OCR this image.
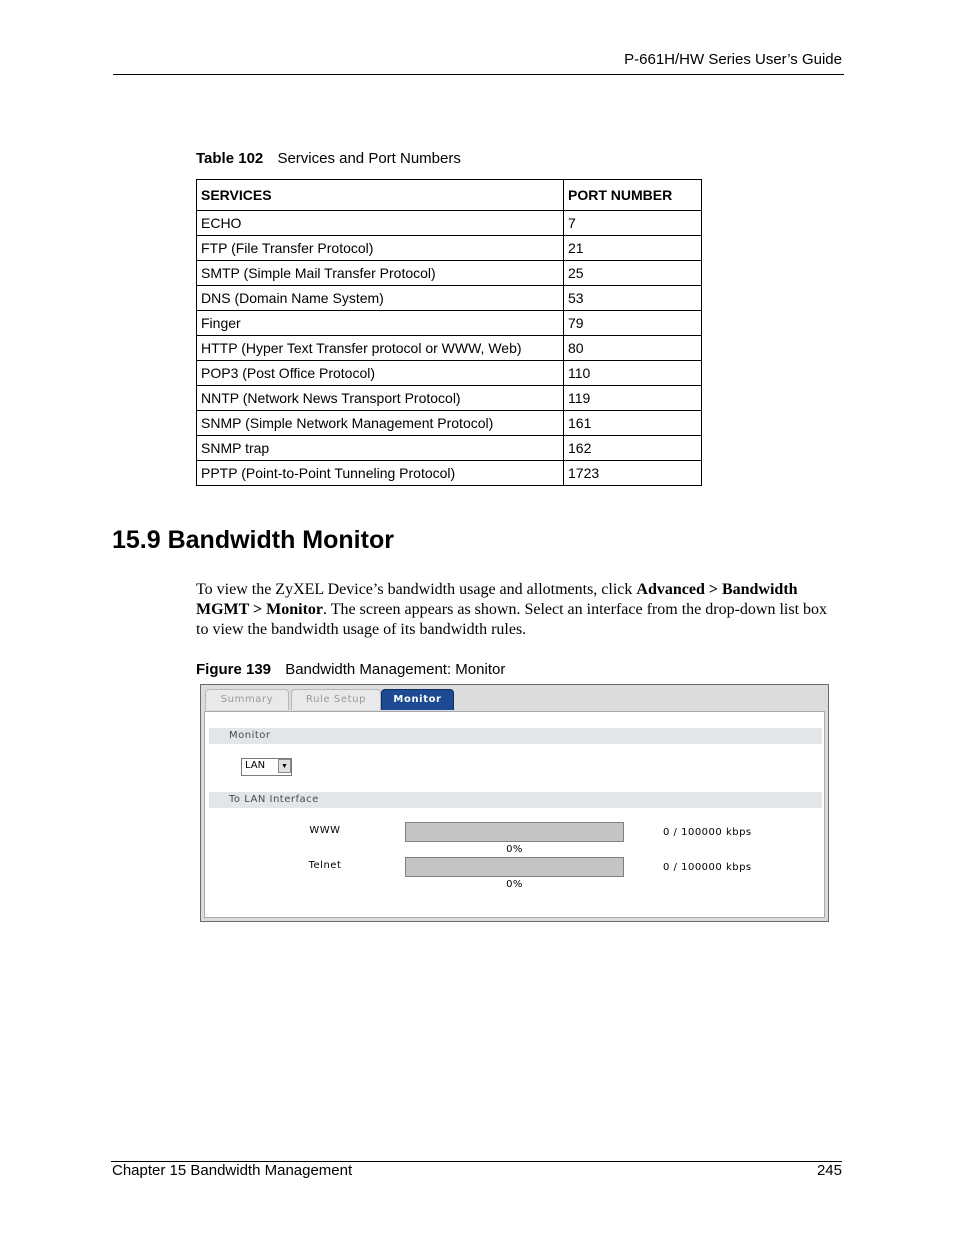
P-661H/HW Series User’s Guide
Table 102 Services and Port Numbers
SERVICES	PORT NUMBER
ECHO	7
FTP (File Transfer Protocol)	21
SMTP (Simple Mail Transfer Protocol)	25
DNS (Domain Name System)	53
Finger	79
HTTP (Hyper Text Transfer protocol or WWW, Web)	80
POP3 (Post Office Protocol)	110
NNTP (Network News Transport Protocol)	119
SNMP (Simple Network Management Protocol)	161
SNMP trap	162
PPTP (Point-to-Point Tunneling Protocol)	1723
15.9 Bandwidth Monitor
To view the ZyXEL Device’s bandwidth usage and allotments, click Advanced > Bandwidth MGMT > Monitor. The screen appears as shown. Select an interface from the drop-down list box to view the bandwidth usage of its bandwidth rules.
Figure 139 Bandwidth Management: Monitor
Summary	Rule Setup	Monitor
Monitor
LAN	▼
To LAN Interface
WWW
0%
0 / 100000 kbps
Telnet
0%
0 / 100000 kbps
Chapter 15 Bandwidth Management	245
